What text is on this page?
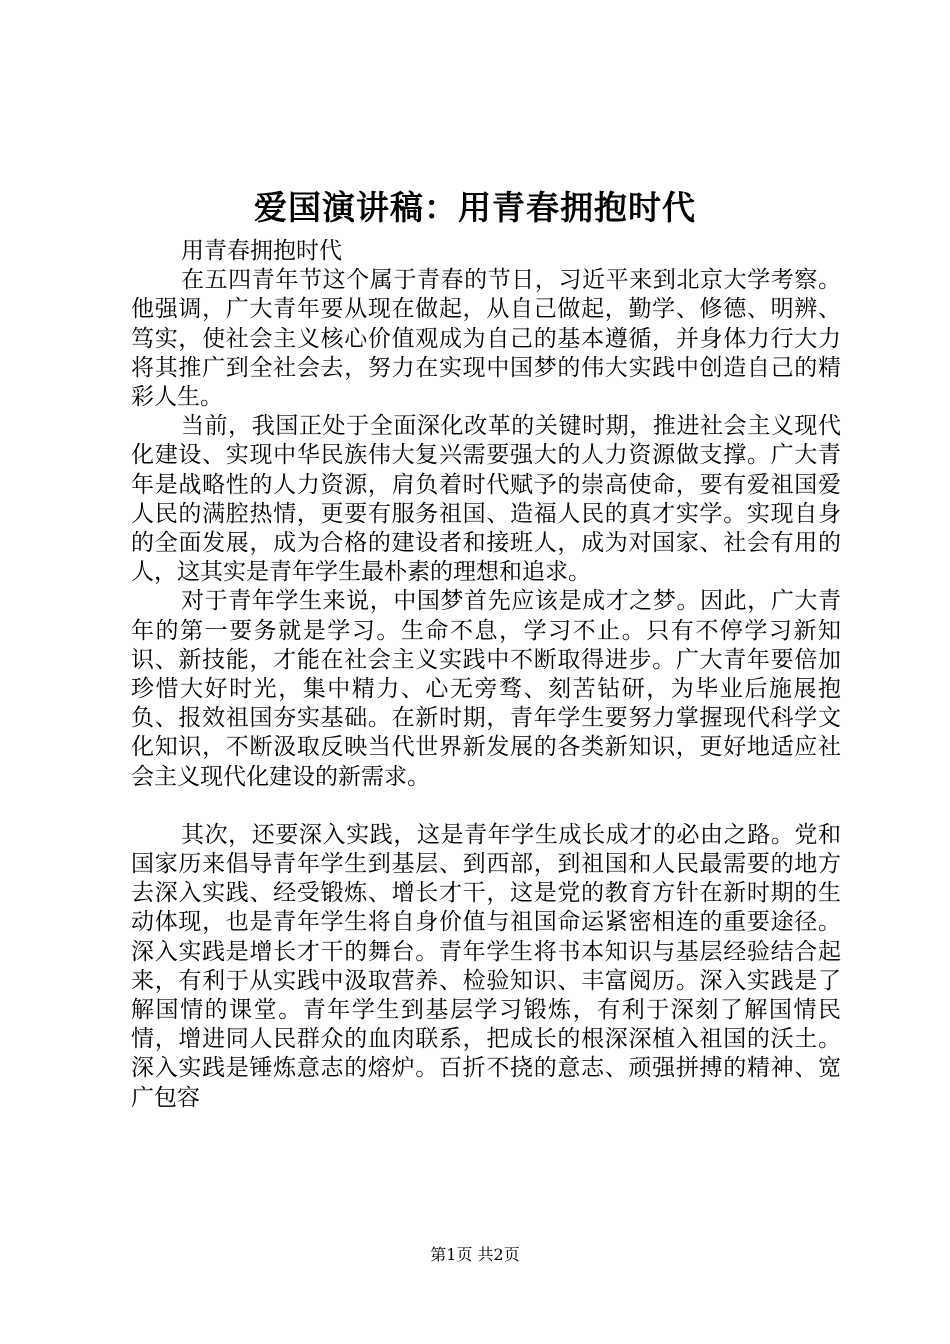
爱国演讲稿：用青春拥抱时代

用青春拥抱时代

在五四青年节这个属于青春的节日，习近平来到北京大学考察。他强调，广大青年要从现在做起，从自己做起，勤学、修德、明辨、笃实，使社会主义核心价值观成为自己的基本遵循，并身体力行大力将其推广到全社会去，努力在实现中国梦的伟大实践中创造自己的精彩人生。

当前，我国正处于全面深化改革的关键时期，推进社会主义现代化建设、实现中华民族伟大复兴需要强大的人力资源做支撑。广大青年是战略性的人力资源，肩负着时代赋予的崇高使命，要有爱祖国爱人民的满腔热情，更要有服务祖国、造福人民的真才实学。实现自身的全面发展，成为合格的建设者和接班人，成为对国家、社会有用的人，这其实是青年学生最朴素的理想和追求。

对于青年学生来说，中国梦首先应该是成才之梦。因此，广大青年的第一要务就是学习。生命不息，学习不止。只有不停学习新知识、新技能，才能在社会主义实践中不断取得进步。广大青年要倍加珍惜大好时光，集中精力、心无旁骛、刻苦钻研，为毕业后施展抱负、报效祖国夯实基础。在新时期，青年学生要努力掌握现代科学文化知识，不断汲取反映当代世界新发展的各类新知识，更好地适应社会主义现代化建设的新需求。

其次，还要深入实践，这是青年学生成长成才的必由之路。党和国家历来倡导青年学生到基层、到西部，到祖国和人民最需要的地方去深入实践、经受锻炼、增长才干，这是党的教育方针在新时期的生动体现，也是青年学生将自身价值与祖国命运紧密相连的重要途径。深入实践是增长才干的舞台。青年学生将书本知识与基层经验结合起来，有利于从实践中汲取营养、检验知识、丰富阅历。深入实践是了解国情的课堂。青年学生到基层学习锻炼，有利于深刻了解国情民情，增进同人民群众的血肉联系，把成长的根深深植入祖国的沃土。深入实践是锤炼意志的熔炉。百折不挠的意志、顽强拼搏的精神、宽广包容

第1页 共2页
